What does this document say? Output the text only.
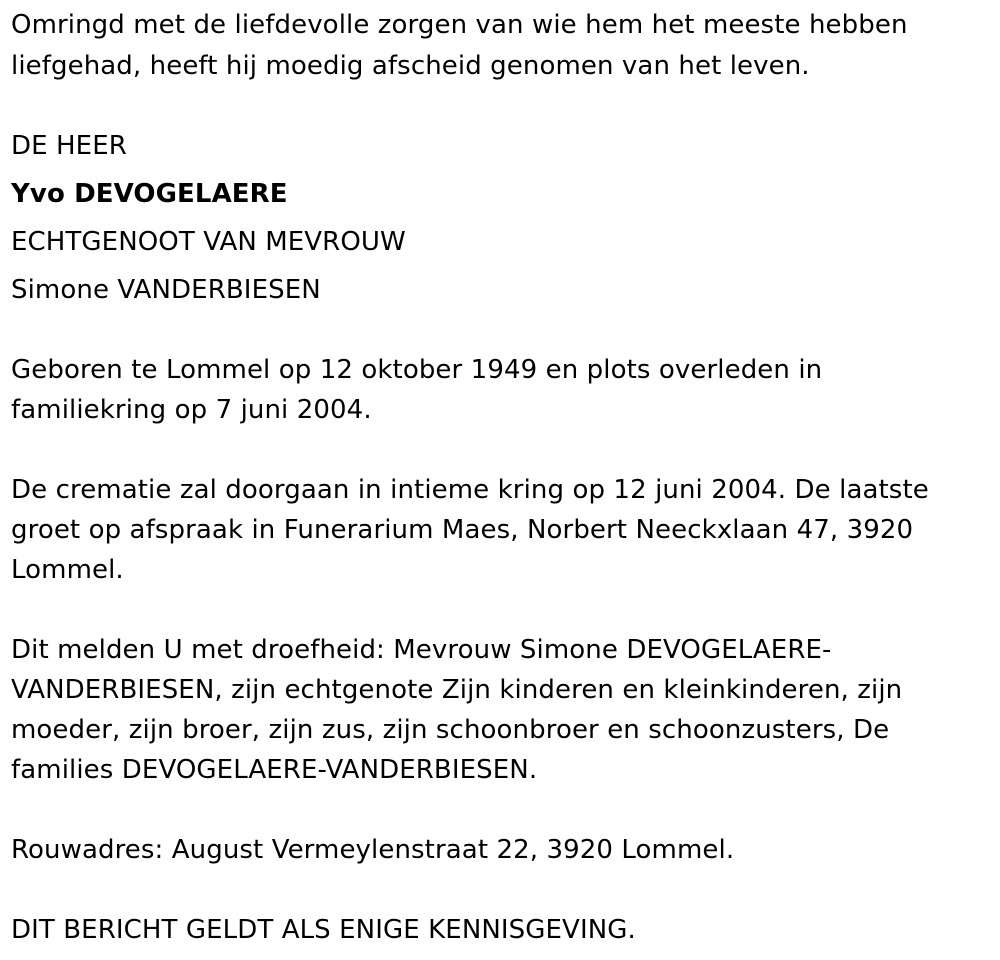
Omringd met de liefdevolle zorgen van wie hem het meeste hebben

liefgehad, heeft hij moedig afscheid genomen van het leven.

DE HEER

Yvo DEVOGELAERE

ECHTGENOOT VAN MEVROUW

Simone VANDERBIESEN

Geboren te Lommel op 12 oktober 1949 en plots overleden in

familiekring op 7 juni 2004.

De crematie zal doorgaan in intieme kring op 12 juni 2004. De laatste

groet op afspraak in Funerarium Maes, Norbert Neeckxlaan 47, 3920

Lommel.

Dit melden U met droefheid: Mevrouw Simone DEVOGELAERE-

VANDERBIESEN, zijn echtgenote Zijn kinderen en kleinkinderen, zijn

moeder, zijn broer, zijn zus, zijn schoonbroer en schoonzusters, De

families DEVOGELAERE-VANDERBIESEN.

Rouwadres: August Vermeylenstraat 22, 3920 Lommel.

DIT BERICHT GELDT ALS ENIGE KENNISGEVING.
